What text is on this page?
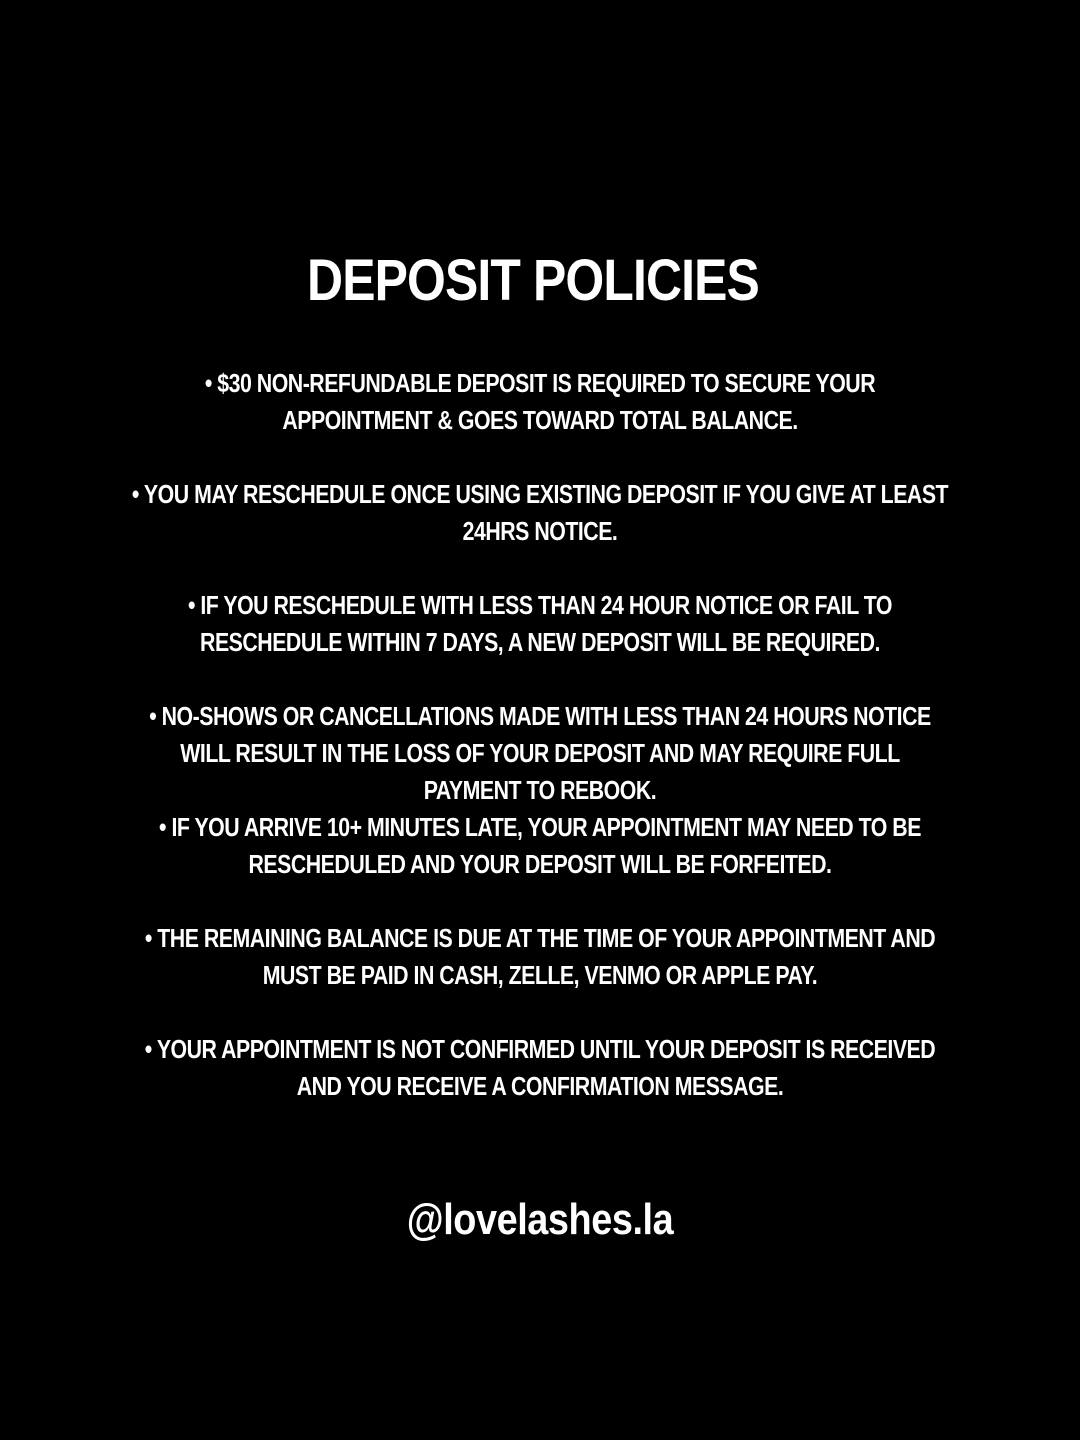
DEPOSIT POLICIES
• $30 NON-REFUNDABLE DEPOSIT IS REQUIRED TO SECURE YOUR APPOINTMENT & GOES TOWARD TOTAL BALANCE.
• YOU MAY RESCHEDULE ONCE USING EXISTING DEPOSIT IF YOU GIVE AT LEAST 24HRS NOTICE.
• IF YOU RESCHEDULE WITH LESS THAN 24 HOUR NOTICE OR FAIL TO RESCHEDULE WITHIN 7 DAYS, A NEW DEPOSIT WILL BE REQUIRED.
• NO-SHOWS OR CANCELLATIONS MADE WITH LESS THAN 24 HOURS NOTICE WILL RESULT IN THE LOSS OF YOUR DEPOSIT AND MAY REQUIRE FULL PAYMENT TO REBOOK.
• IF YOU ARRIVE 10+ MINUTES LATE, YOUR APPOINTMENT MAY NEED TO BE RESCHEDULED AND YOUR DEPOSIT WILL BE FORFEITED.
• THE REMAINING BALANCE IS DUE AT THE TIME OF YOUR APPOINTMENT AND MUST BE PAID IN CASH, ZELLE, VENMO OR APPLE PAY.
• YOUR APPOINTMENT IS NOT CONFIRMED UNTIL YOUR DEPOSIT IS RECEIVED AND YOU RECEIVE A CONFIRMATION MESSAGE.
@lovelashes.la
